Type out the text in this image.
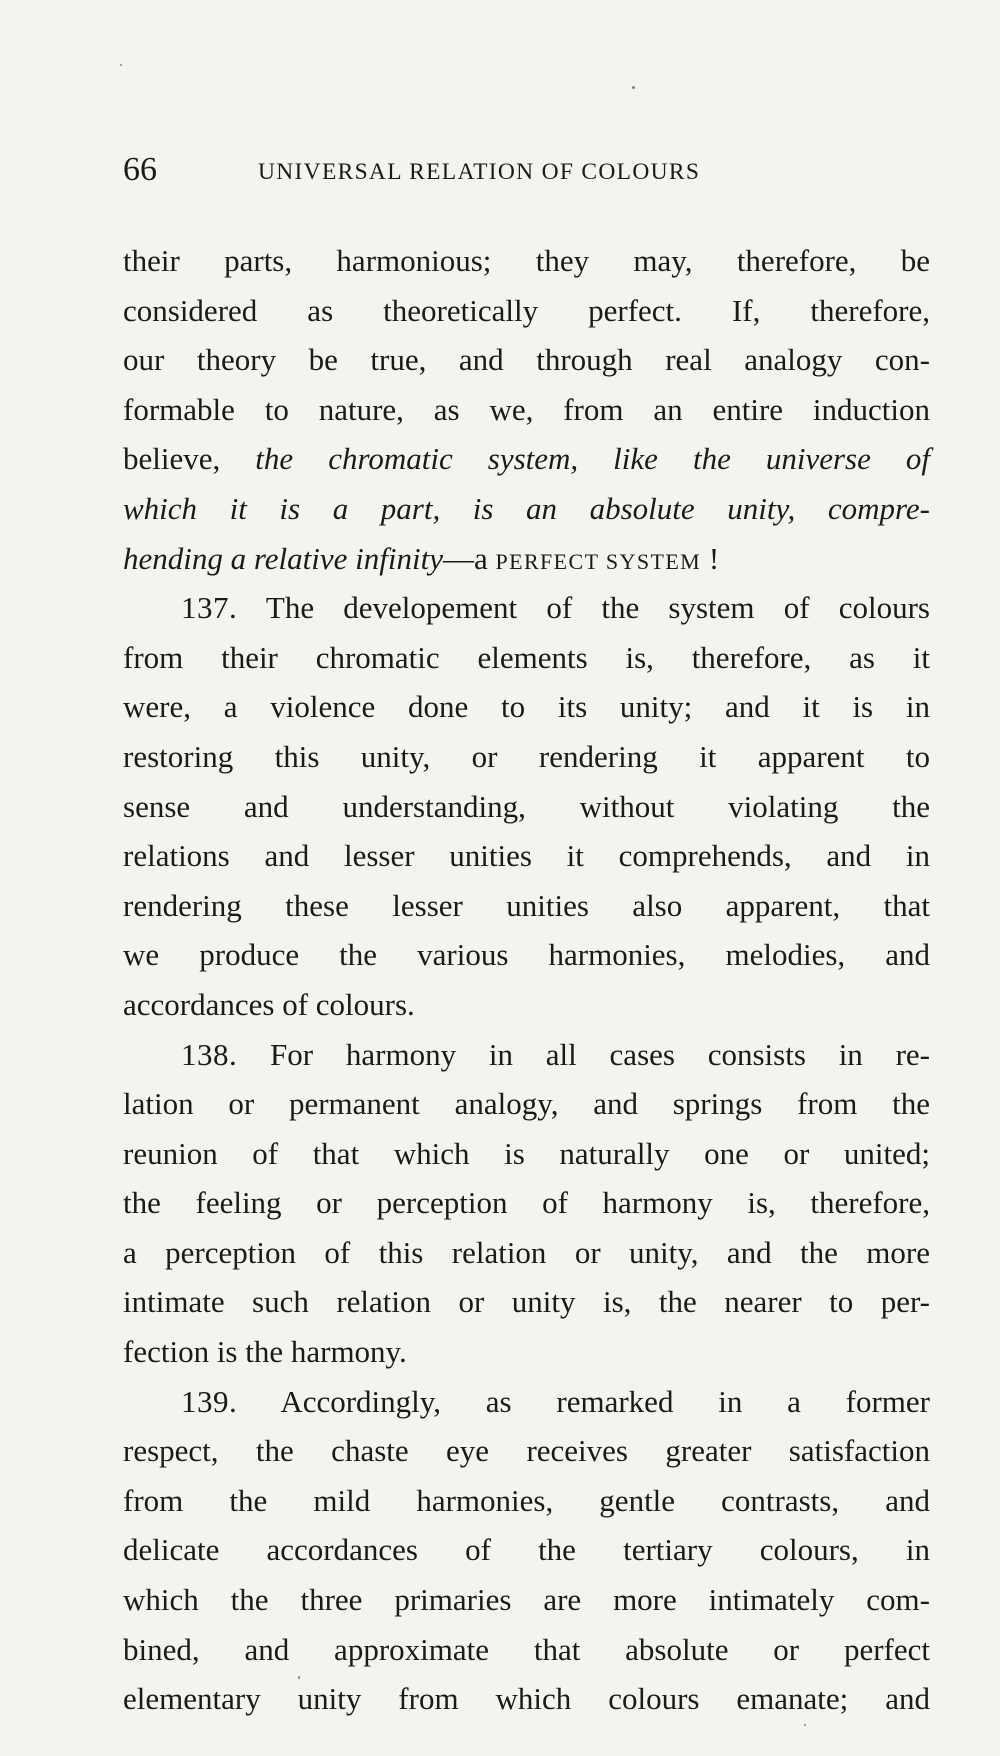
66	UNIVERSAL RELATION OF COLOURS
their parts, harmonious; they may, therefore, be
considered as theoretically perfect. If, therefore,
our theory be true, and through real analogy con-
formable to nature, as we, from an entire induction
believe, the chromatic system, like the universe of
which it is a part, is an absolute unity, compre-
hending a relative infinity—a PERFECT SYSTEM !
137. The developement of the system of colours
from their chromatic elements is, therefore, as it
were, a violence done to its unity; and it is in
restoring this unity, or rendering it apparent to
sense and understanding, without violating the
relations and lesser unities it comprehends, and in
rendering these lesser unities also apparent, that
we produce the various harmonies, melodies, and
accordances of colours.
138. For harmony in all cases consists in re-
lation or permanent analogy, and springs from the
reunion of that which is naturally one or united;
the feeling or perception of harmony is, therefore,
a perception of this relation or unity, and the more
intimate such relation or unity is, the nearer to per-
fection is the harmony.
139. Accordingly, as remarked in a former
respect, the chaste eye receives greater satisfaction
from the mild harmonies, gentle contrasts, and
delicate accordances of the tertiary colours, in
which the three primaries are more intimately com-
bined, and approximate that absolute or perfect
elementary unity from which colours emanate; and
